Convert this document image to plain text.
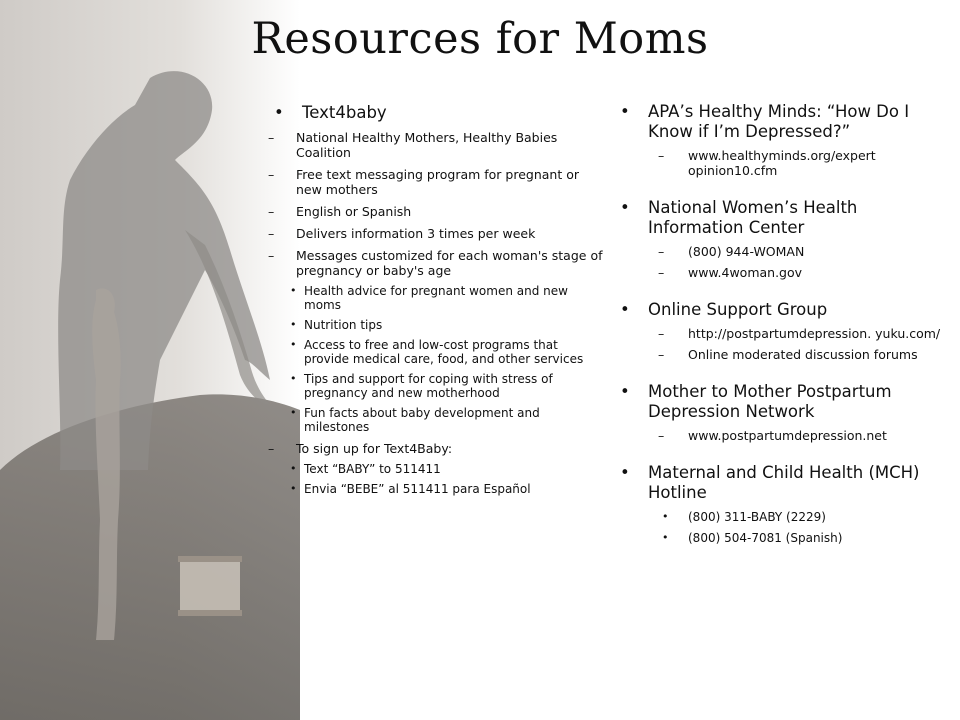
Resources for Moms
• Text4baby
– National Healthy Mothers, Healthy Babies Coalition
– Free text messaging program for pregnant or new mothers
– English or Spanish
– Delivers information 3 times per week
– Messages customized for each woman's stage of pregnancy or baby's age
• Health advice for pregnant women and new moms
• Nutrition tips
• Access to free and low-cost programs that provide medical care, food, and other services
• Tips and support for coping with stress of pregnancy and new motherhood
• Fun facts about baby development and milestones
– To sign up for Text4Baby:
• Text “BABY” to 511411
• Envia “BEBE” al 511411 para Español
• APA’s Healthy Minds: “How Do I Know if I’m Depressed?”
– www.healthyminds.org/expert opinion10.cfm
• National Women’s Health Information Center
– (800) 944-WOMAN
– www.4woman.gov
• Online Support Group
– http://postpartumdepression. yuku.com/
– Online moderated discussion forums
• Mother to Mother Postpartum Depression Network
– www.postpartumdepression.net
• Maternal and Child Health (MCH) Hotline
• (800) 311-BABY (2229)
• (800) 504-7081 (Spanish)
